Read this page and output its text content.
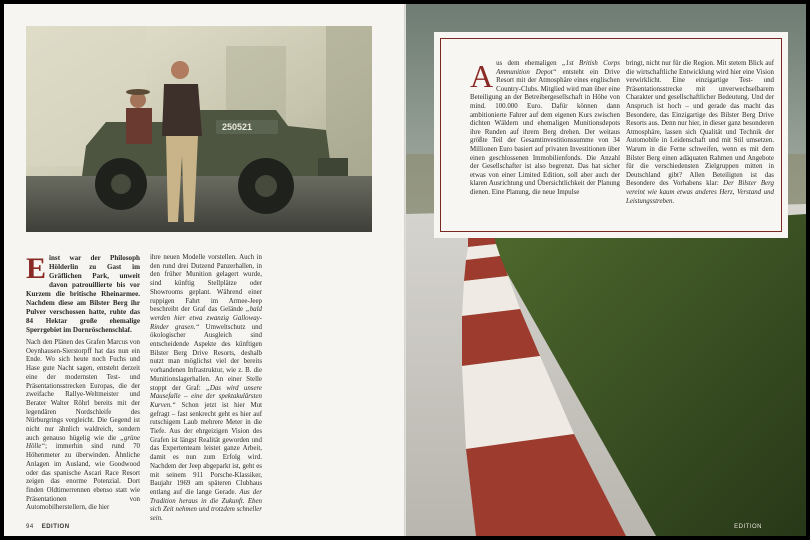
250521

Einst war der Philosoph Hölderlin zu Gast im Gräflichen Park, unweit davon patrouillierte bis vor Kurzem die britische Rheinarmee. Nachdem diese am Bilster Berg ihr Pulver verschossen hatte, ruhte das 84 Hektar große ehemalige Sperrgebiet im Dornröschenschlaf.

Nach den Plänen des Grafen Marcus von Oeynhausen-Sierstorpff hat das nun ein Ende. Wo sich heute noch Fuchs und Hase gute Nacht sagen, entsteht derzeit eine der modernsten Test- und Präsentationsstrecken Europas, die der zweifache Rallye-Weltmeister und Berater Walter Röhrl bereits mit der legendären Nordschleife des Nürburgrings vergleicht. Die Gegend ist nicht nur ähnlich waldreich, sondern auch genauso hügelig wie die „grüne Hölle“; immerhin sind rund 70 Höhenmeter zu überwinden. Ähnliche Anlagen im Ausland, wie Goodwood oder das spanische Ascari Race Resort zeigen das enorme Potenzial. Dort finden Oldtimerrennen ebenso statt wie Präsentationen von Automobilherstellern, die hier

ihre neuen Modelle vorstellen. Auch in den rund drei Dutzend Panzerhallen, in den früher Munition gelagert wurde, sind künftig Stellplätze oder Showrooms geplant. Während einer ruppigen Fahrt im Armee-Jeep beschreibt der Graf das Gelände „bald werden hier etwa zwanzig Galloway-Rinder grasen.“ Umweltschutz und ökologischer Ausgleich sind entscheidende Aspekte des künftigen Bilster Berg Drive Resorts, deshalb nutzt man möglichst viel der bereits vorhandenen Infrastruktur, wie z. B. die Munitionslagerhallen. An einer Stelle stoppt der Graf: „Das wird unsere Mausefalle – eine der spektakulärsten Kurven.“ Schon jetzt ist hier Mut gefragt – fast senkrecht geht es hier auf rutschigem Laub mehrere Meter in die Tiefe. Aus der ehrgeizigen Vision des Grafen ist längst Realität geworden und das Expertenteam leistet ganze Arbeit, damit es nun zum Erfolg wird. Nachdem der Jeep abgeparkt ist, geht es mit seinem 911 Porsche-Klassiker, Baujahr 1969 am späteren Clubhaus entlang auf die lange Gerade. Aus der Tradition heraus in die Zukunft. Eben sich Zeit nehmen und trotzdem schneller sein.

94 EDITION

Aus dem ehemaligen „1st British Corps Ammunition Depot“ entsteht ein Drive Resort mit der Atmosphäre eines englischen Country-Clubs. Mitglied wird man über eine Beteiligung an der Betreibergesellschaft in Höhe von mind. 100.000 Euro. Dafür können dann ambitionierte Fahrer auf dem eigenen Kurs zwischen dichten Wäldern und ehemaligen Munitionsdepots ihre Runden auf ihrem Berg drehen. Der weitaus größte Teil der Gesamtinvestitionssumme von 34 Millionen Euro basiert auf privaten Investitionen über einen geschlossenen Immobilienfonds. Die Anzahl der Gesellschafter ist also begrenzt. Das hat sicher etwas von einer Limited Edition, soll aber auch der klaren Ausrichtung und Übersichtlichkeit der Planung dienen. Eine Planung, die neue Impulse

bringt, nicht nur für die Region. Mit stetem Blick auf die wirtschaftliche Entwicklung wird hier eine Vision verwirklicht. Eine einzigartige Test- und Präsentationsstrecke mit unverwechselbarem Charakter und gesellschaftlicher Bedeutung. Und der Anspruch ist hoch – und gerade das macht das Besondere, das Einzigartige des Bilster Berg Drive Resorts aus. Denn nur hier, in dieser ganz besonderen Atmosphäre, lassen sich Qualität und Technik der Automobile in Leidenschaft und mit Stil umsetzen. Warum in die Ferne schweifen, wenn es mit dem Bilster Berg einen adäquaten Rahmen und Angebote für die verschiedensten Zielgruppen mitten in Deutschland gibt? Allen Beteiligten ist das Besondere des Vorhabens klar: Der Bilster Berg vereint wie kaum etwas anderes Herz, Verstand und Leistungsstreben.

EDITION
